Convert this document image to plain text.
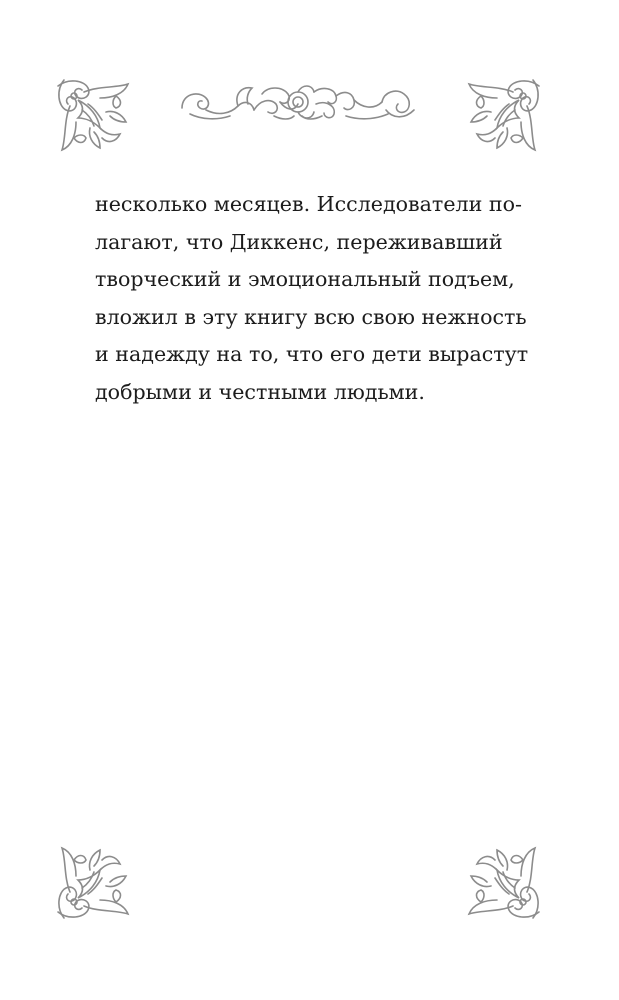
несколько месяцев. Исследователи по-
лагают, что Диккенс, переживавший
творческий и эмоциональный подъем,
вложил в эту книгу всю свою нежность
и надежду на то, что его дети вырастут
добрыми и честными людьми.
